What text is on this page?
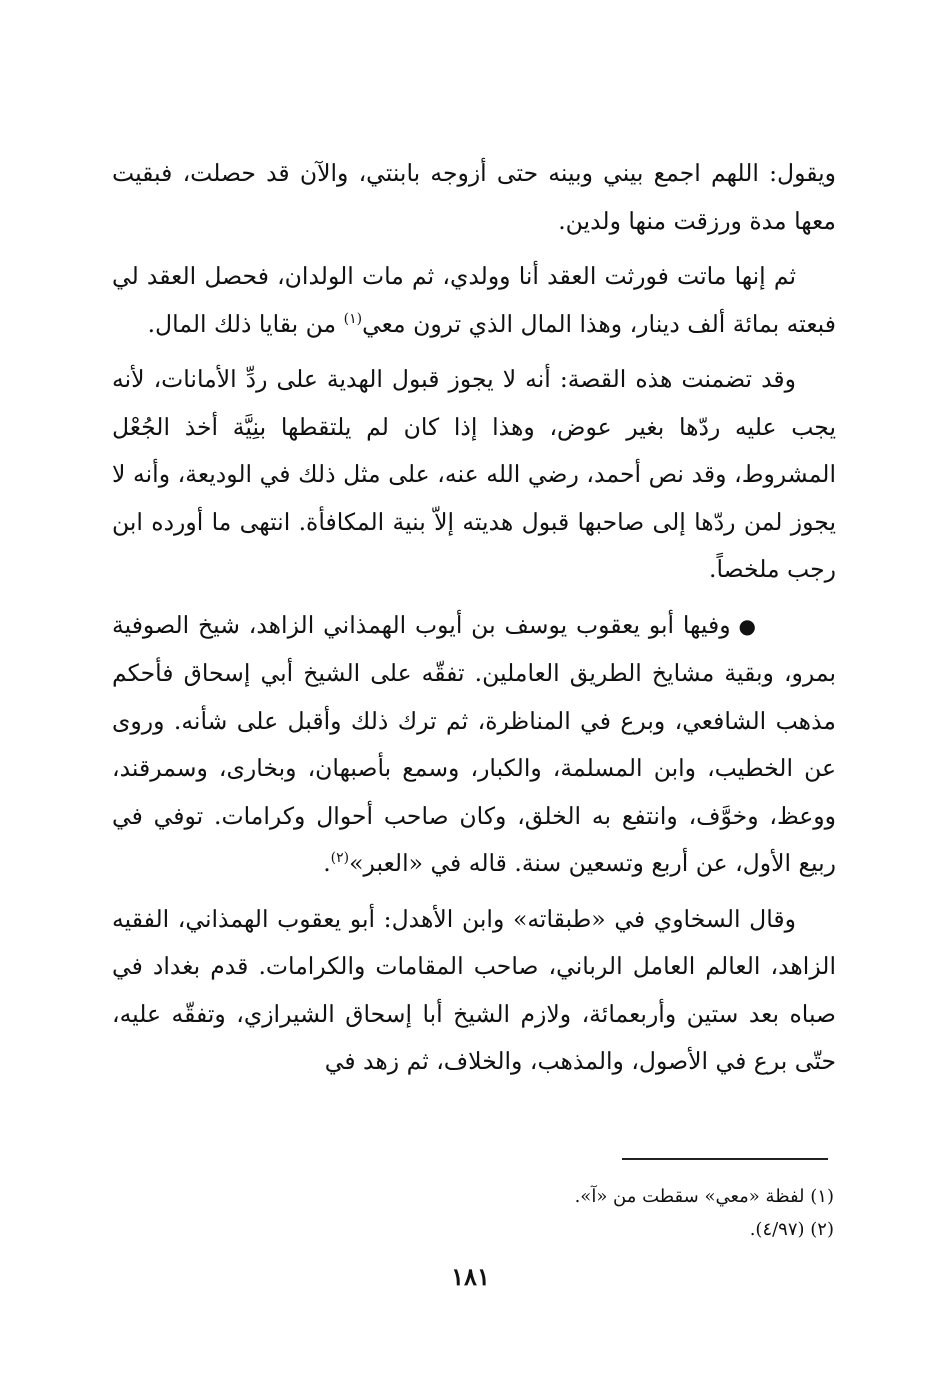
ويقول: اللهم اجمع بيني وبينه حتى أزوجه بابنتي، والآن قد حصلت، فبقيت معها مدة ورزقت منها ولدين.

ثم إنها ماتت فورثت العقد أنا وولدي، ثم مات الولدان، فحصل العقد لي فبعته بمائة ألف دينار، وهذا المال الذي ترون معي$^{(١)}$ من بقايا ذلك المال.

وقد تضمنت هذه القصة: أنه لا يجوز قبول الهدية على ردِّ الأمانات، لأنه يجب عليه ردّها بغير عوض، وهذا إذا كان لم يلتقطها بنِيَّة أخذ الجُعْل المشروط، وقد نص أحمد، رضي الله عنه، على مثل ذلك في الوديعة، وأنه لا يجوز لمن ردّها إلى صاحبها قبول هديته إلاّ بنية المكافأة. انتهى ما أورده ابن رجب ملخصاً.

●وفيها أبو يعقوب يوسف بن أيوب الهمذاني الزاهد، شيخ الصوفية بمرو، وبقية مشايخ الطريق العاملين. تفقّه على الشيخ أبي إسحاق فأحكم مذهب الشافعي، وبرع في المناظرة، ثم ترك ذلك وأقبل على شأنه. وروى عن الخطيب، وابن المسلمة، والكبار، وسمع بأصبهان، وبخارى، وسمرقند، ووعظ، وخوَّف، وانتفع به الخلق، وكان صاحب أحوال وكرامات. توفي في ربيع الأول، عن أربع وتسعين سنة. قاله في «العبر»$^{(٢)}$.

وقال السخاوي في «طبقاته» وابن الأهدل: أبو يعقوب الهمذاني، الفقيه الزاهد، العالم العامل الرباني، صاحب المقامات والكرامات. قدم بغداد في صباه بعد ستين وأربعمائة، ولازم الشيخ أبا إسحاق الشيرازي، وتفقّه عليه، حتّى برع في الأصول، والمذهب، والخلاف، ثم زهد في

(١) لفظة «معي» سقطت من «آ».

(٢) (٤/٩٧).

١٨١
